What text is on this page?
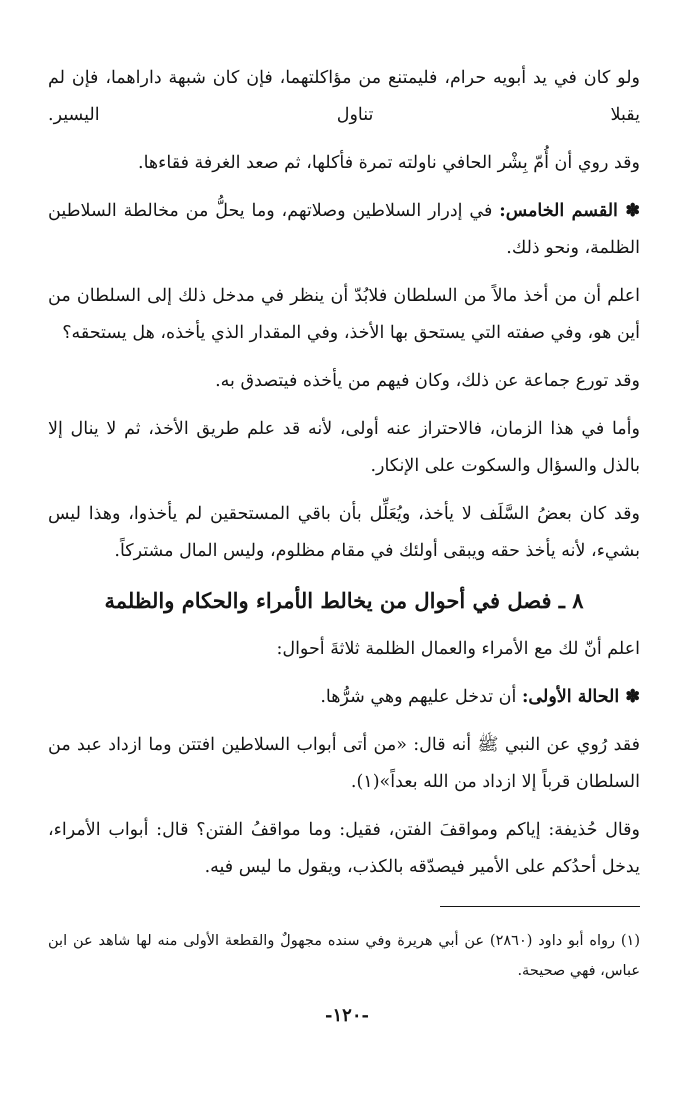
ولو كان في يد أبويه حرام، فليمتنع من مؤاكلتهما، فإن كان شبهة داراهما، فإن لم يقبلا تناول اليسير.

وقد روي أن أُمّ بِشْر الحافي ناولته تمرة فأكلها، ثم صعد الغرفة فقاءها.

✽ القسم الخامس: في إدرار السلاطين وصلاتهم، وما يحلُّ من مخالطة السلاطين الظلمة، ونحو ذلك.

اعلم أن من أخذ مالاً من السلطان فلابُدّ أن ينظر في مدخل ذلك إلى السلطان من أين هو، وفي صفته التي يستحق بها الأخذ، وفي المقدار الذي يأخذه، هل يستحقه؟

وقد تورع جماعة عن ذلك، وكان فيهم من يأخذه فيتصدق به.

وأما في هذا الزمان، فالاحتراز عنه أولى، لأنه قد علم طريق الأخذ، ثم لا ينال إلا بالذل والسؤال والسكوت على الإنكار.

وقد كان بعضُ السَّلَف لا يأخذ، ويُعَلِّل بأن باقي المستحقين لم يأخذوا، وهذا ليس بشيء، لأنه يأخذ حقه ويبقى أولئك في مقام مظلوم، وليس المال مشتركاً.

٨ ـ فصل في أحوال من يخالط الأمراء والحكام والظلمة

اعلم أنّ لك مع الأمراء والعمال الظلمة ثلاثةَ أحوال:

✽ الحالة الأولى: أن تدخل عليهم وهي شرُّها.

فقد رُوي عن النبي ﷺ أنه قال: «من أتى أبواب السلاطين افتتن وما ازداد عبد من السلطان قرباً إلا ازداد من الله بعداً»(١).

وقال حُذيفة: إياكم ومواقفَ الفتن، فقيل: وما مواقفُ الفتن؟ قال: أبواب الأمراء، يدخل أحدُكم على الأمير فيصدّقه بالكذب، ويقول ما ليس فيه.

(١) رواه أبو داود (٢٨٦٠) عن أبي هريرة وفي سنده مجهولٌ والقطعة الأولى منه لها شاهد عن ابن عباس، فهي صحيحة.
-١٢٠-
